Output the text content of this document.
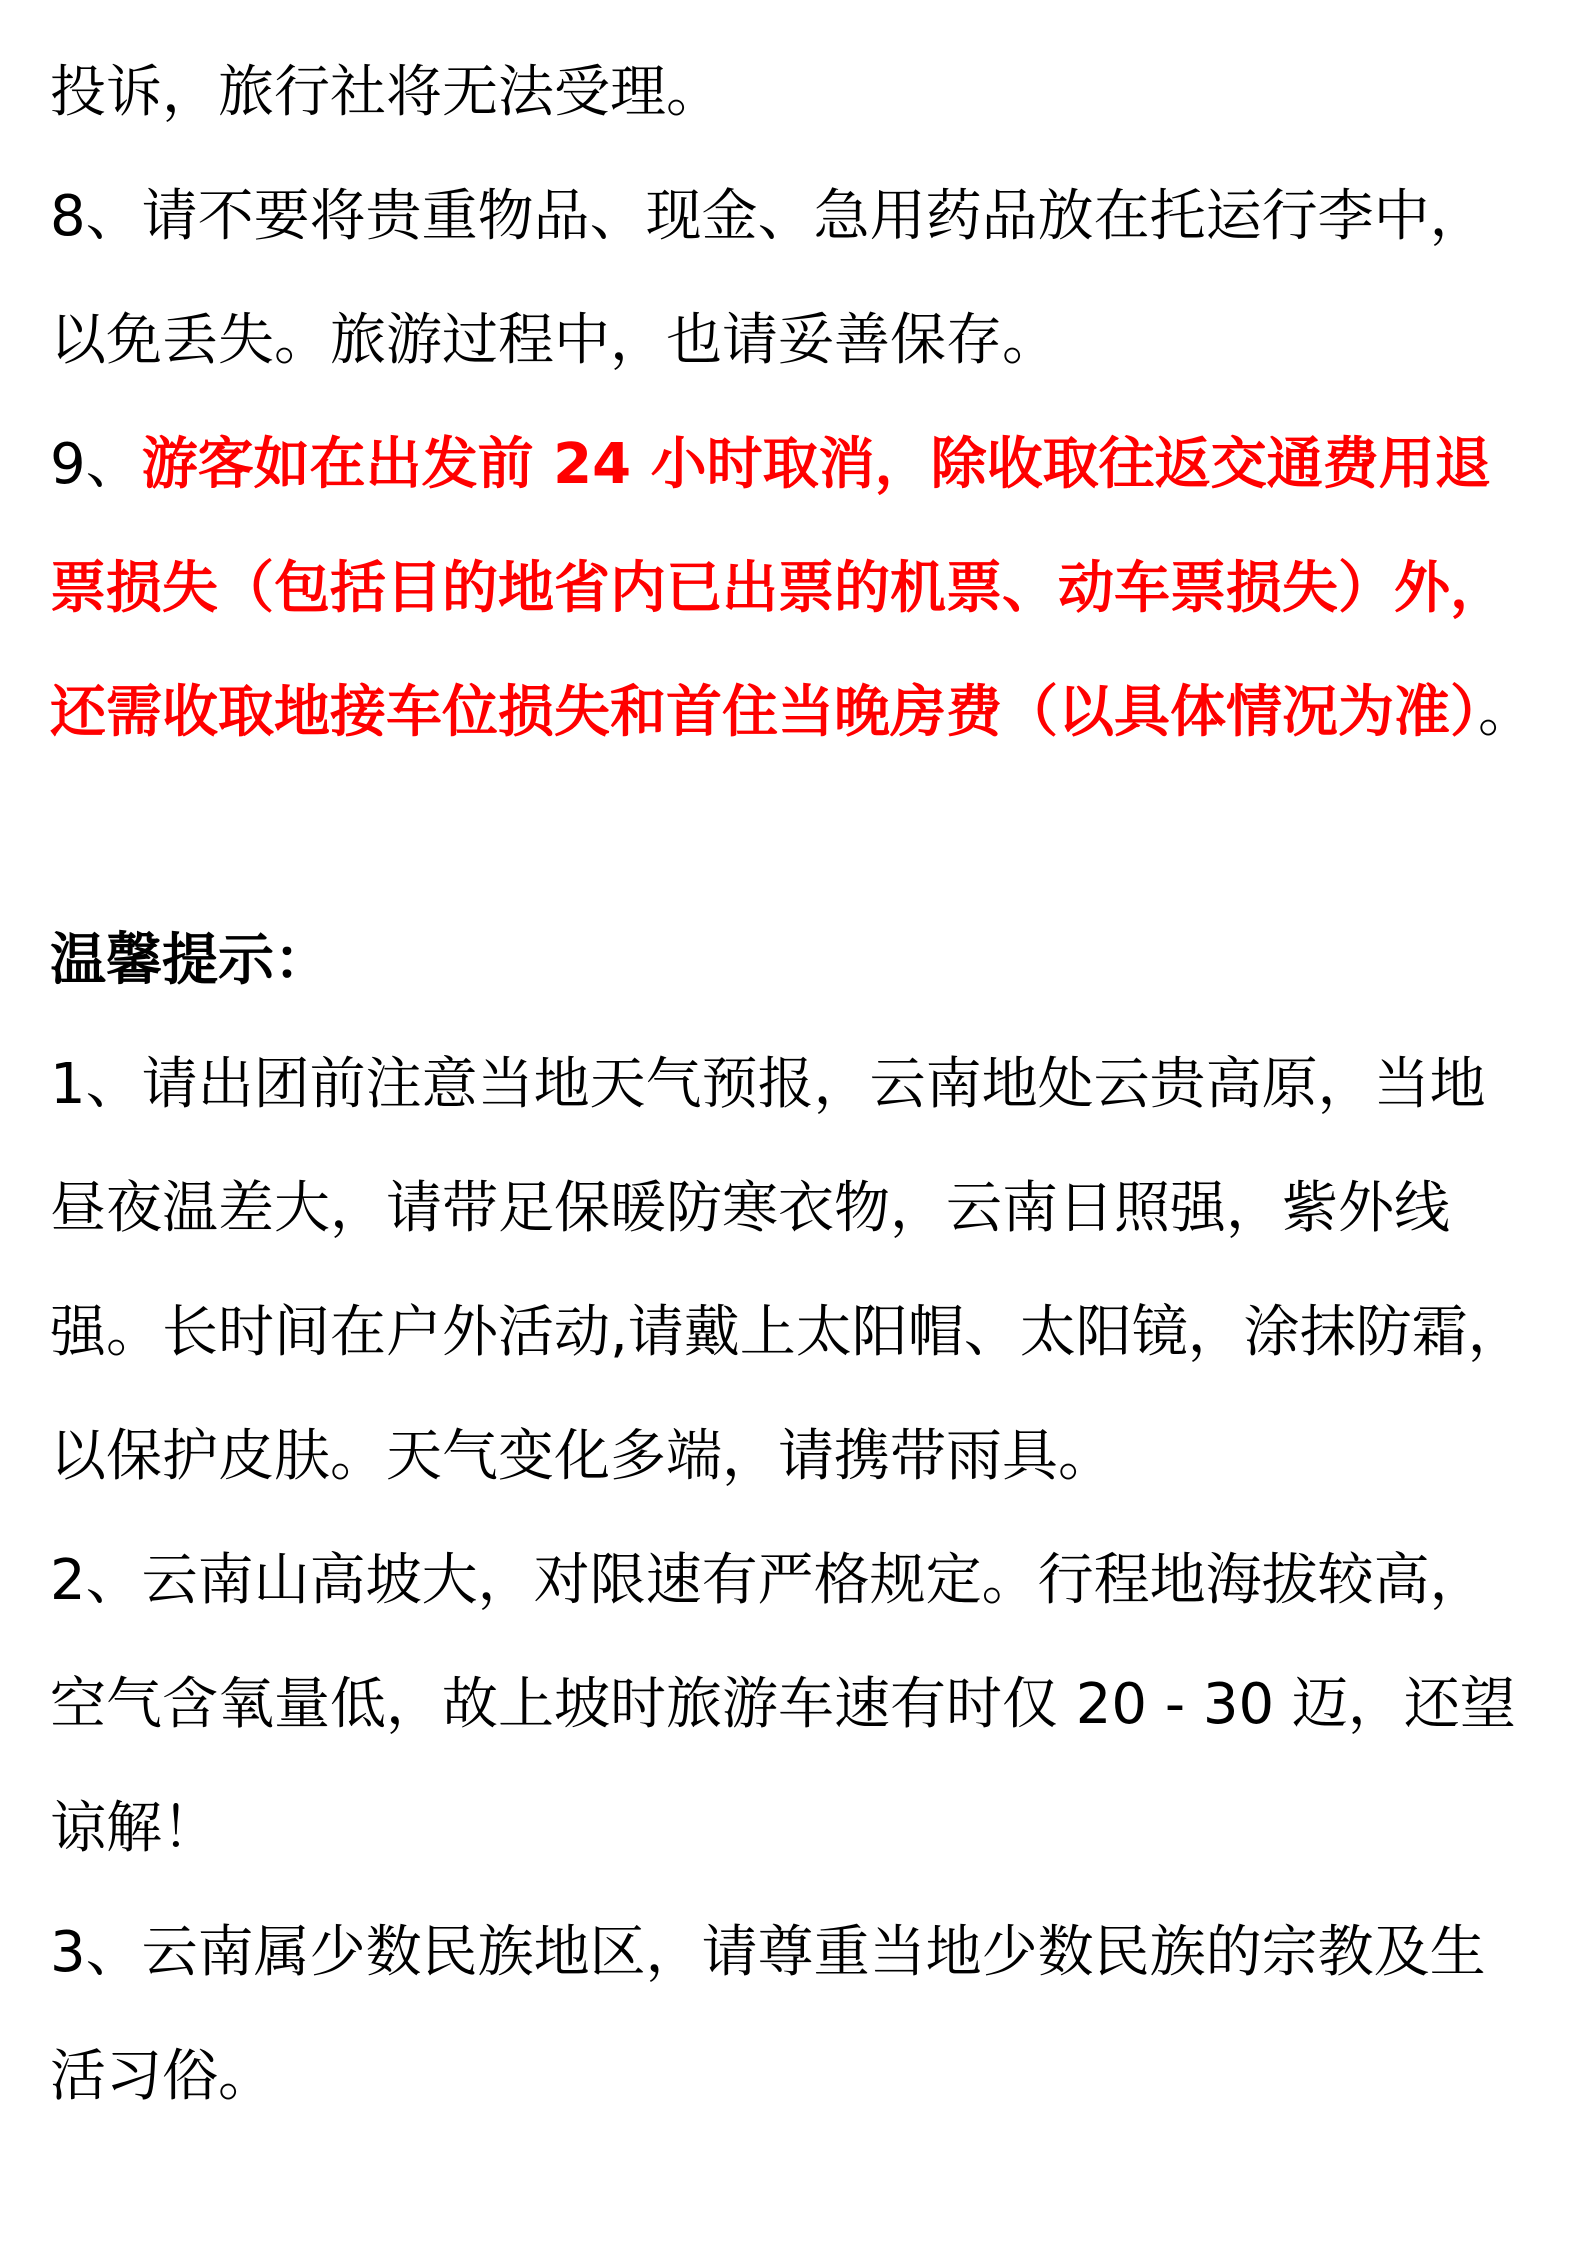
投诉，旅行社将无法受理。
8、请不要将贵重物品、现金、急用药品放在托运行李中，
以免丢失。旅游过程中，也请妥善保存。
9、游客如在出发前 24 小时取消，除收取往返交通费用退
票损失（包括目的地省内已出票的机票、动车票损失）外，
还需收取地接车位损失和首住当晚房费（以具体情况为准）。
温馨提示：
1、请出团前注意当地天气预报，云南地处云贵高原，当地
昼夜温差大，请带足保暖防寒衣物，云南日照强，紫外线
强。长时间在户外活动,请戴上太阳帽、太阳镜，涂抹防霜，
以保护皮肤。天气变化多端，请携带雨具。
2、云南山高坡大，对限速有严格规定。行程地海拔较高，
空气含氧量低，故上坡时旅游车速有时仅 20 - 30 迈，还望
谅解！
3、云南属少数民族地区，请尊重当地少数民族的宗教及生
活习俗。
